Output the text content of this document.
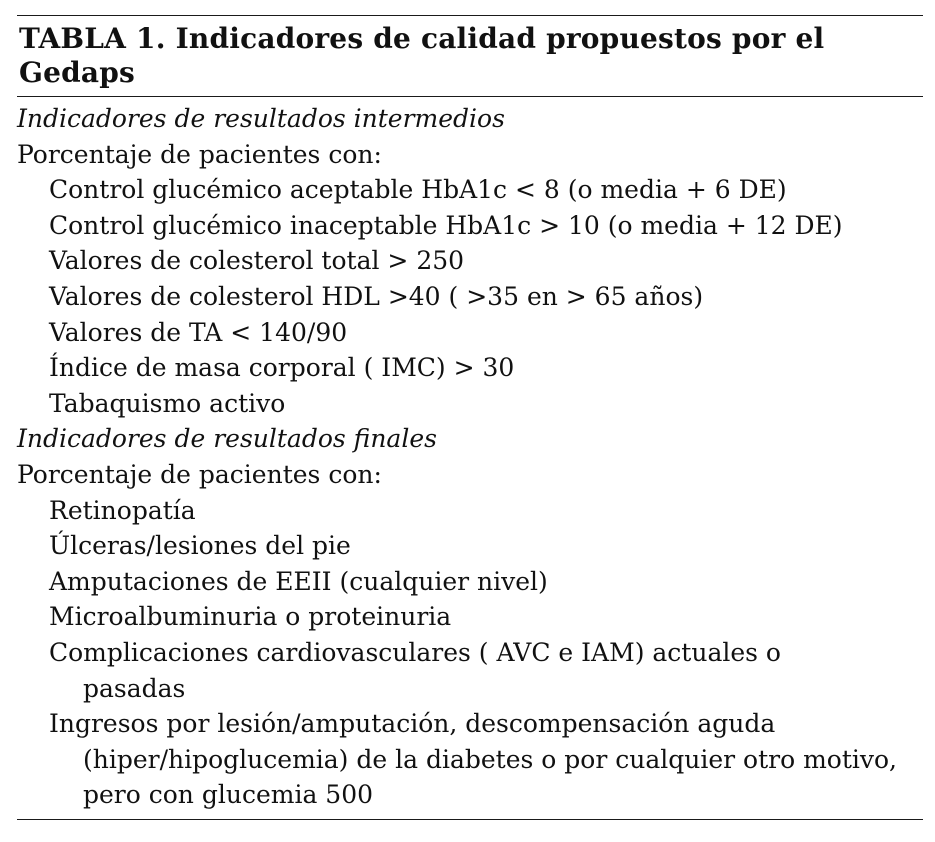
TABLA 1. Indicadores de calidad propuestos por el Gedaps
Indicadores de resultados intermedios
Porcentaje de pacientes con:
Control glucémico aceptable HbA1c < 8 (o media + 6 DE)
Control glucémico inaceptable HbA1c > 10 (o media + 12 DE)
Valores de colesterol total > 250
Valores de colesterol HDL >40 ( >35 en > 65 años)
Valores de TA < 140/90
Índice de masa corporal ( IMC) > 30
Tabaquismo activo
Indicadores de resultados finales
Porcentaje de pacientes con:
Retinopatía
Úlceras/lesiones del pie
Amputaciones de EEII (cualquier nivel)
Microalbuminuria o proteinuria
Complicaciones cardiovasculares ( AVC e IAM) actuales o
pasadas
Ingresos por lesión/amputación, descompensación aguda
(hiper/hipoglucemia) de la diabetes o por cualquier otro motivo,
pero con glucemia 500
